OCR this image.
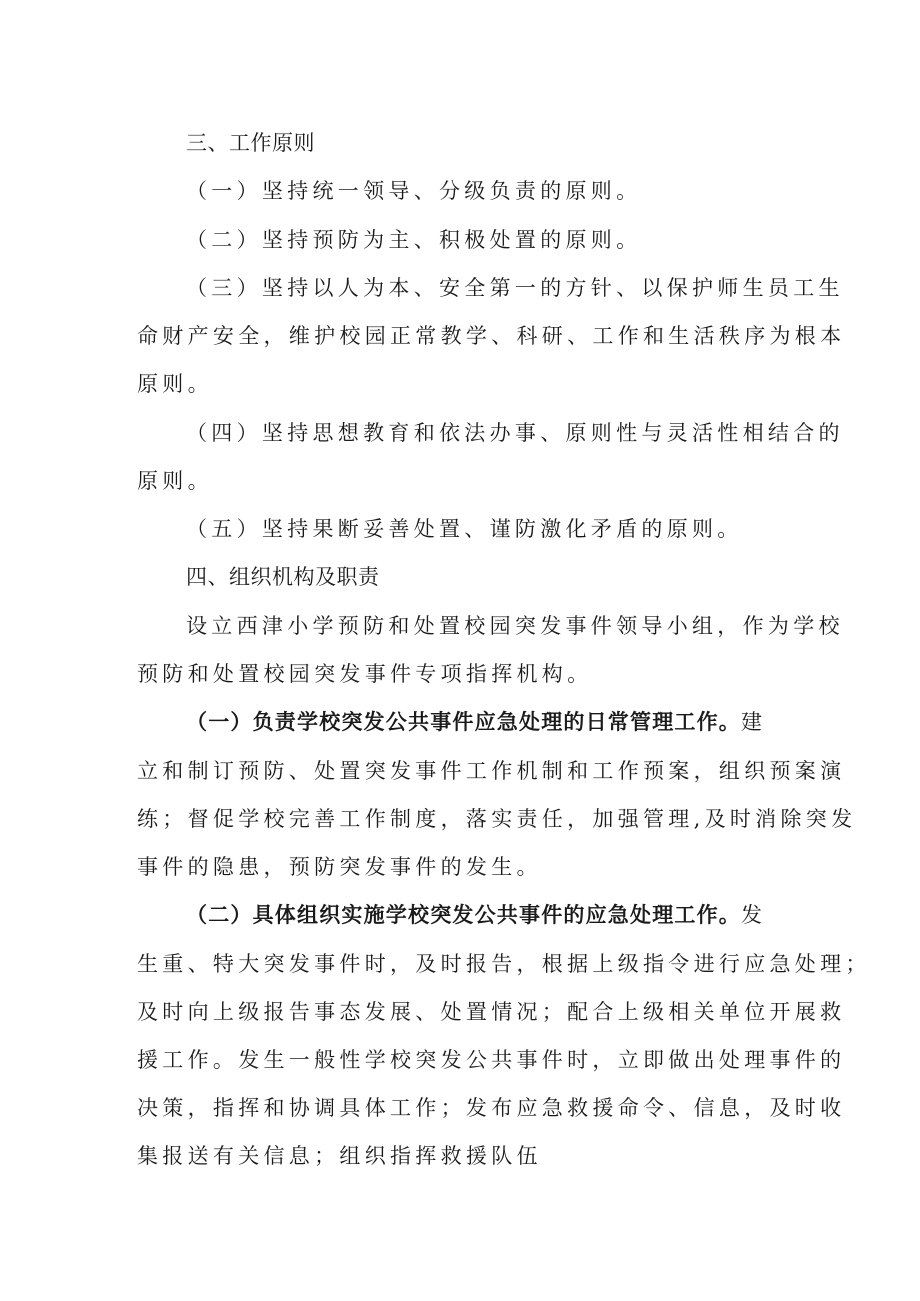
三、工作原则
（一）坚持统一领导、分级负责的原则。
（二）坚持预防为主、积极处置的原则。
（三）坚持以人为本、安全第一的方针、以保护师生员工生
命财产安全，维护校园正常教学、科研、工作和生活秩序为根本
原则。
（四）坚持思想教育和依法办事、原则性与灵活性相结合的
原则。
（五）坚持果断妥善处置、谨防激化矛盾的原则。
四、组织机构及职责
设立西津小学预防和处置校园突发事件领导小组，作为学校
预防和处置校园突发事件专项指挥机构。
（一）负责学校突发公共事件应急处理的日常管理工作。建
立和制订预防、处置突发事件工作机制和工作预案，组织预案演
练；督促学校完善工作制度，落实责任，加强管理,及时消除突发
事件的隐患，预防突发事件的发生。
（二）具体组织实施学校突发公共事件的应急处理工作。发
生重、特大突发事件时，及时报告，根据上级指令进行应急处理；
及时向上级报告事态发展、处置情况；配合上级相关单位开展救
援工作。发生一般性学校突发公共事件时，立即做出处理事件的
决策，指挥和协调具体工作；发布应急救援命令、信息，及时收
集报送有关信息；组织指挥救援队伍
